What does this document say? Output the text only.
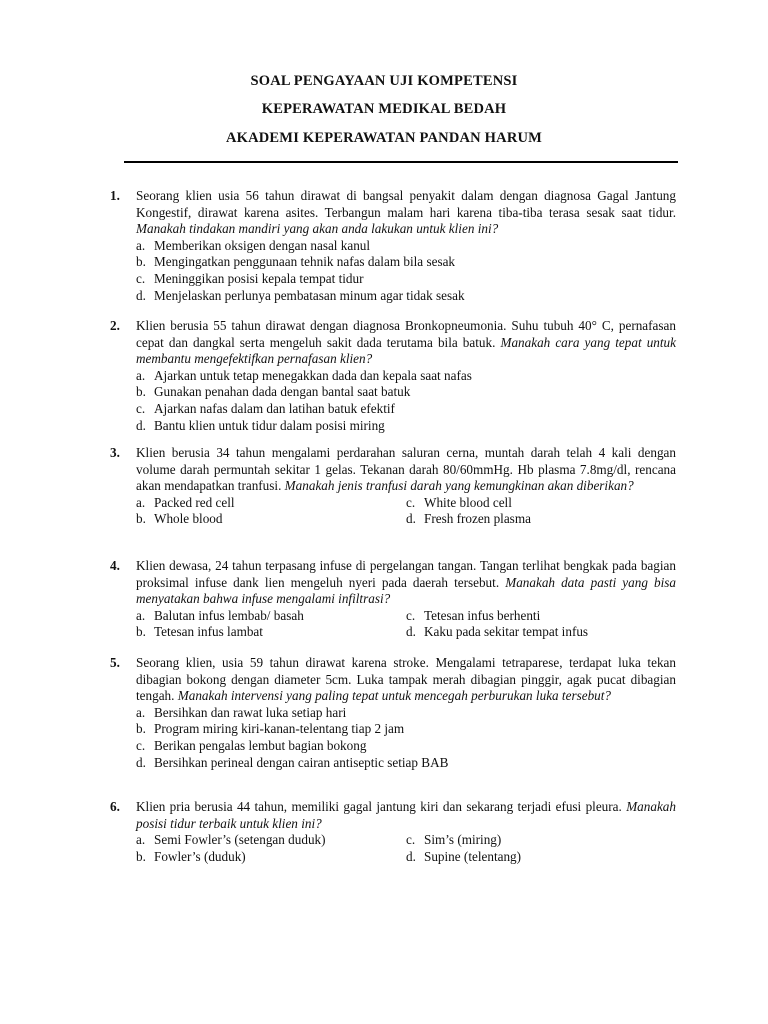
SOAL PENGAYAAN UJI KOMPETENSI
KEPERAWATAN MEDIKAL BEDAH
AKADEMI KEPERAWATAN PANDAN HARUM
1.	Seorang klien usia 56 tahun dirawat di bangsal penyakit dalam dengan diagnosa Gagal Jantung Kongestif, dirawat karena asites. Terbangun malam hari karena tiba-tiba terasa sesak saat tidur. Manakah tindakan mandiri yang akan anda lakukan untuk klien ini?
a. Memberikan oksigen dengan nasal kanul
b. Mengingatkan penggunaan tehnik nafas dalam bila sesak
c. Meninggikan posisi kepala tempat tidur
d. Menjelaskan perlunya pembatasan minum agar tidak sesak
2.	Klien berusia 55 tahun dirawat dengan diagnosa Bronkopneumonia. Suhu tubuh 40° C, pernafasan cepat dan dangkal serta mengeluh sakit dada terutama bila batuk. Manakah cara yang tepat untuk membantu mengefektifkan pernafasan klien?
a. Ajarkan untuk tetap menegakkan dada dan kepala saat nafas
b. Gunakan penahan dada dengan bantal saat batuk
c. Ajarkan nafas dalam dan latihan batuk efektif
d. Bantu klien untuk tidur dalam posisi miring
3.	Klien berusia 34 tahun mengalami perdarahan saluran cerna, muntah darah telah 4 kali dengan volume darah permuntah sekitar 1 gelas. Tekanan darah 80/60mmHg. Hb plasma 7.8mg/dl, rencana akan mendapatkan tranfusi. Manakah jenis tranfusi darah yang kemungkinan akan diberikan?
a. Packed red cell	c. White blood cell
b. Whole blood	d. Fresh frozen plasma
4.	Klien dewasa, 24 tahun terpasang infuse di pergelangan tangan. Tangan terlihat bengkak pada bagian proksimal infuse dank lien mengeluh nyeri pada daerah tersebut. Manakah data pasti yang bisa menyatakan bahwa infuse mengalami infiltrasi?
a. Balutan infus lembab/ basah	c. Tetesan infus berhenti
b. Tetesan infus lambat	d. Kaku pada sekitar tempat infus
5.	Seorang klien, usia 59 tahun dirawat karena stroke. Mengalami tetraparese, terdapat luka tekan dibagian bokong dengan diameter 5cm. Luka tampak merah dibagian pinggir, agak pucat dibagian tengah. Manakah intervensi yang paling tepat untuk mencegah perburukan luka tersebut?
a. Bersihkan dan rawat luka setiap hari
b. Program miring kiri-kanan-telentang tiap 2 jam
c. Berikan pengalas lembut bagian bokong
d. Bersihkan perineal dengan cairan antiseptic setiap BAB
6.	Klien pria berusia 44 tahun, memiliki gagal jantung kiri dan sekarang terjadi efusi pleura. Manakah posisi tidur terbaik untuk klien ini?
a. Semi Fowler’s (setengan duduk)	c. Sim’s (miring)
b. Fowler’s (duduk)	d. Supine (telentang)
